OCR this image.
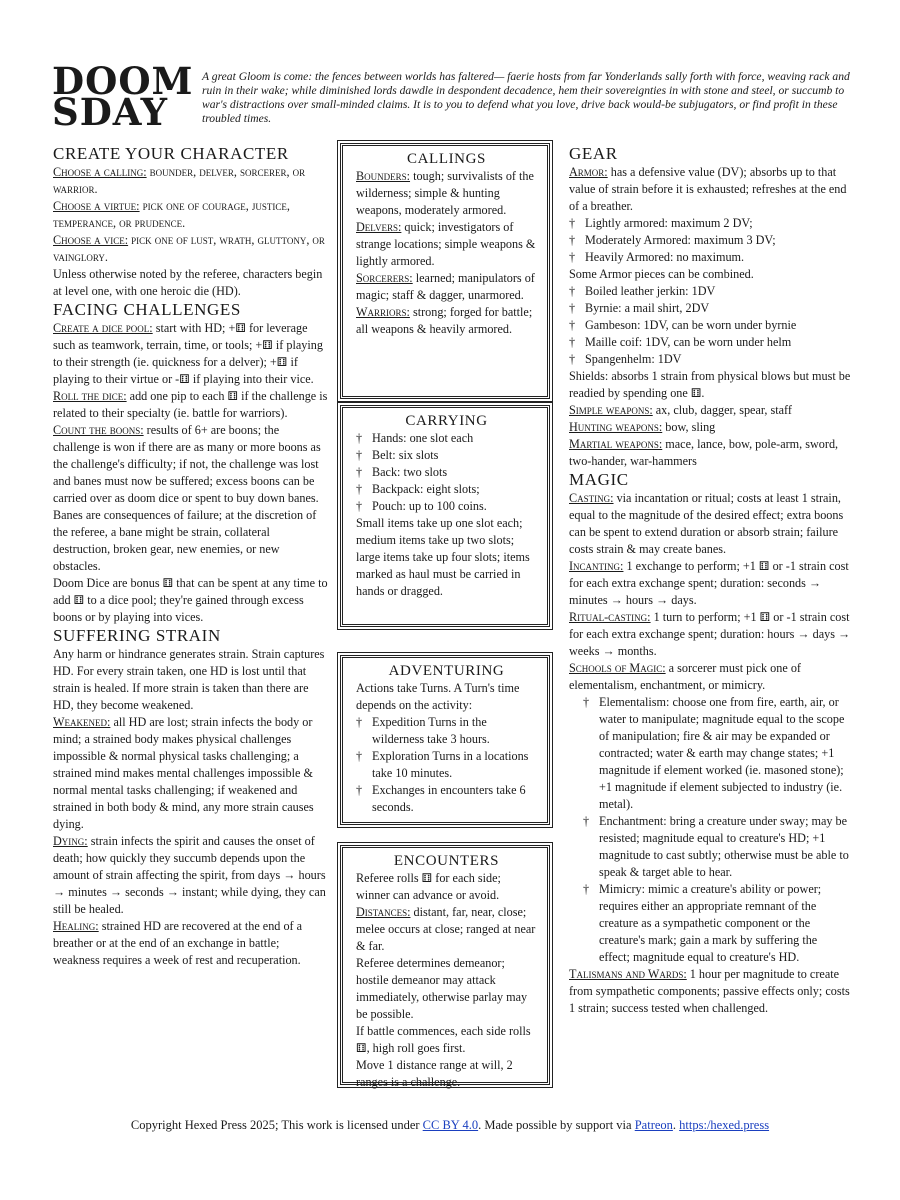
DOOM
SDAY
A great Gloom is come: the fences between worlds has faltered— faerie hosts from far Yonderlands sally forth with force, weaving rack and ruin in their wake; while diminished lords dawdle in despondent decadence, hem their sovereignties in with stone and steel, or succumb to war's distractions over small-minded claims. It is to you to defend what you love, drive back would-be subjugators, or find profit in these troubled times.
CREATE YOUR CHARACTER

Choose a calling: bounder, delver, sorcerer, or warrior.

Choose a virtue: pick one of courage, justice, temperance, or prudence.

Choose a vice: pick one of lust, wrath, gluttony, or vainglory.

Unless otherwise noted by the referee, characters begin at level one, with one heroic die (HD).

FACING CHALLENGES

Create a dice pool: start with HD; +⚅ for leverage such as teamwork, terrain, time, or tools; +⚅ if playing to their strength (ie. quickness for a delver); +⚅ if playing to their virtue or -⚅ if playing into their vice.

Roll the dice: add one pip to each ⚅ if the challenge is related to their specialty (ie. battle for warriors).

Count the boons: results of 6+ are boons; the challenge is won if there are as many or more boons as the challenge's difficulty; if not, the challenge was lost and banes must now be suffered; excess boons can be carried over as doom dice or spent to buy down banes.

Banes are consequences of failure; at the discretion of the referee, a bane might be strain, collateral destruction, broken gear, new enemies, or new obstacles.

Doom Dice are bonus ⚅ that can be spent at any time to add ⚅ to a dice pool; they're gained through excess boons or by playing into vices.

SUFFERING STRAIN

Any harm or hindrance generates strain. Strain captures HD. For every strain taken, one HD is lost until that strain is healed. If more strain is taken than there are HD, they become weakened.

Weakened: all HD are lost; strain infects the body or mind; a strained body makes physical challenges impossible & normal physical tasks challenging; a strained mind makes mental challenges impossible & normal mental tasks challenging; if weakened and strained in both body & mind, any more strain causes dying.

Dying: strain infects the spirit and causes the onset of death; how quickly they succumb depends upon the amount of strain affecting the spirit, from days → hours → minutes → seconds → instant; while dying, they can still be healed.

Healing: strained HD are recovered at the end of a breather or at the end of an exchange in battle; weakness requires a week of rest and recuperation.

CALLINGS

Bounders: tough; survivalists of the wilderness; simple & hunting weapons, moderately armored.

Delvers: quick; investigators of strange locations; simple weapons & lightly armored.

Sorcerers: learned; manipulators of magic; staff & dagger, unarmored.

Warriors: strong; forged for battle; all weapons & heavily armored.

CARRYING

† Hands: one slot each

† Belt: six slots

† Back: two slots

† Backpack: eight slots;

† Pouch: up to 100 coins.

Small items take up one slot each; medium items take up two slots; large items take up four slots; items marked as haul must be carried in hands or dragged.

ADVENTURING

Actions take Turns. A Turn's time depends on the activity:

† Expedition Turns in the wilderness take 3 hours.

† Exploration Turns in a locations take 10 minutes.

† Exchanges in encounters take 6 seconds.

ENCOUNTERS

Referee rolls ⚅ for each side; winner can advance or avoid.

Distances: distant, far, near, close; melee occurs at close; ranged at near & far.

Referee determines demeanor; hostile demeanor may attack immediately, otherwise parlay may be possible.

If battle commences, each side rolls ⚅, high roll goes first.

Move 1 distance range at will, 2 ranges is a challenge.

GEAR

Armor: has a defensive value (DV); absorbs up to that value of strain before it is exhausted; refreshes at the end of a breather.

† Lightly armored: maximum 2 DV;

† Moderately Armored: maximum 3 DV;

† Heavily Armored: no maximum.

Some Armor pieces can be combined.

† Boiled leather jerkin: 1DV

† Byrnie: a mail shirt, 2DV

† Gambeson: 1DV, can be worn under byrnie

† Maille coif: 1DV, can be worn under helm

† Spangenhelm: 1DV

Shields: absorbs 1 strain from physical blows but must be readied by spending one ⚅.

Simple weapons: ax, club, dagger, spear, staff

Hunting weapons: bow, sling

Martial weapons: mace, lance, bow, pole-arm, sword, two-hander, war-hammers

MAGIC

Casting: via incantation or ritual; costs at least 1 strain, equal to the magnitude of the desired effect; extra boons can be spent to extend duration or absorb strain; failure costs strain & may create banes.

Incanting: 1 exchange to perform; +1 ⚅ or -1 strain cost for each extra exchange spent; duration: seconds → minutes → hours → days.

Ritual-casting: 1 turn to perform; +1 ⚅ or -1 strain cost for each extra exchange spent; duration: hours → days → weeks → months.

Schools of Magic: a sorcerer must pick one of elementalism, enchantment, or mimicry.

† Elementalism: choose one from fire, earth, air, or water to manipulate; magnitude equal to the scope of manipulation; fire & air may be expanded or contracted; water & earth may change states; +1 magnitude if element worked (ie. masoned stone); +1 magnitude if element subjected to industry (ie. metal).

† Enchantment: bring a creature under sway; may be resisted; magnitude equal to creature's HD; +1 magnitude to cast subtly; otherwise must be able to speak & target able to hear.

† Mimicry: mimic a creature's ability or power; requires either an appropriate remnant of the creature as a sympathetic component or the creature's mark; gain a mark by suffering the effect; magnitude equal to creature's HD.

Talismans and Wards: 1 hour per magnitude to create from sympathetic components; passive effects only; costs 1 strain; success tested when challenged.

Copyright Hexed Press 2025; This work is licensed under CC BY 4.0. Made possible by support via Patreon. https:/hexed.press
